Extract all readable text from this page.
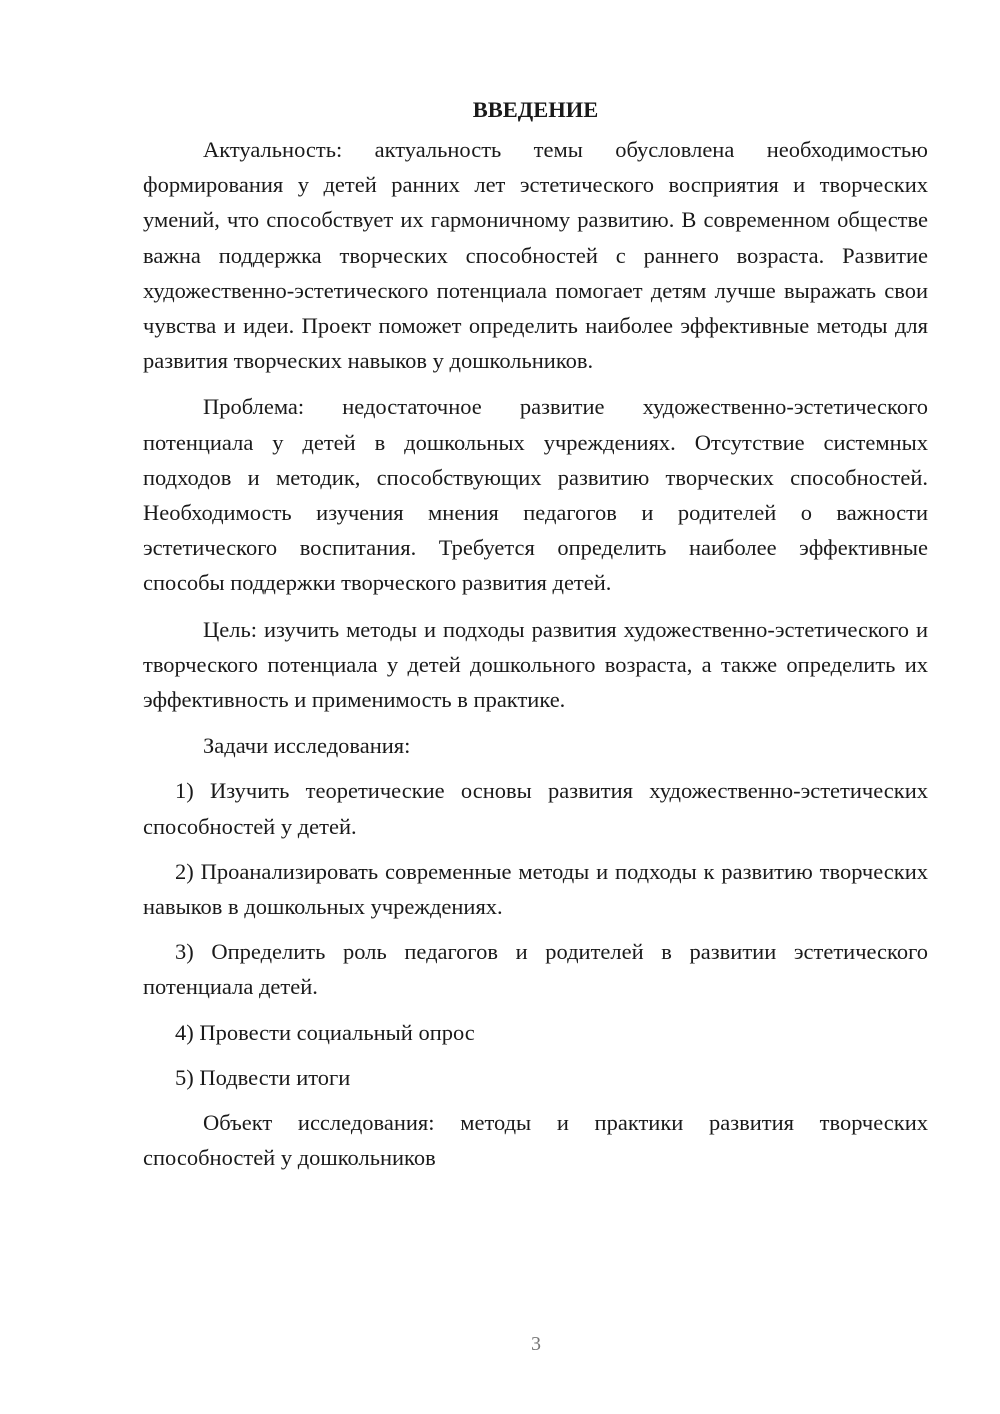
ВВЕДЕНИЕ

Актуальность: актуальность темы обусловлена необходимостью формирования у детей ранних лет эстетического восприятия и творческих умений, что способствует их гармоничному развитию. В современном обществе важна поддержка творческих способностей с раннего возраста. Развитие художественно-эстетического потенциала помогает детям лучше выражать свои чувства и идеи. Проект поможет определить наиболее эффективные методы для развития творческих навыков у дошкольников.

Проблема: недостаточное развитие художественно-эстетического потенциала у детей в дошкольных учреждениях. Отсутствие системных подходов и методик, способствующих развитию творческих способностей. Необходимость изучения мнения педагогов и родителей о важности эстетического воспитания. Требуется определить наиболее эффективные способы поддержки творческого развития детей.

Цель: изучить методы и подходы развития художественно-эстетического и творческого потенциала у детей дошкольного возраста, а также определить их эффективность и применимость в практике.

Задачи исследования:

1) Изучить теоретические основы развития художественно-эстетических способностей у детей.

2) Проанализировать современные методы и подходы к развитию творческих навыков в дошкольных учреждениях.

3) Определить роль педагогов и родителей в развитии эстетического потенциала детей.

4) Провести социальный опрос

5) Подвести итоги

Объект исследования: методы и практики развития творческих способностей у дошкольников

3
